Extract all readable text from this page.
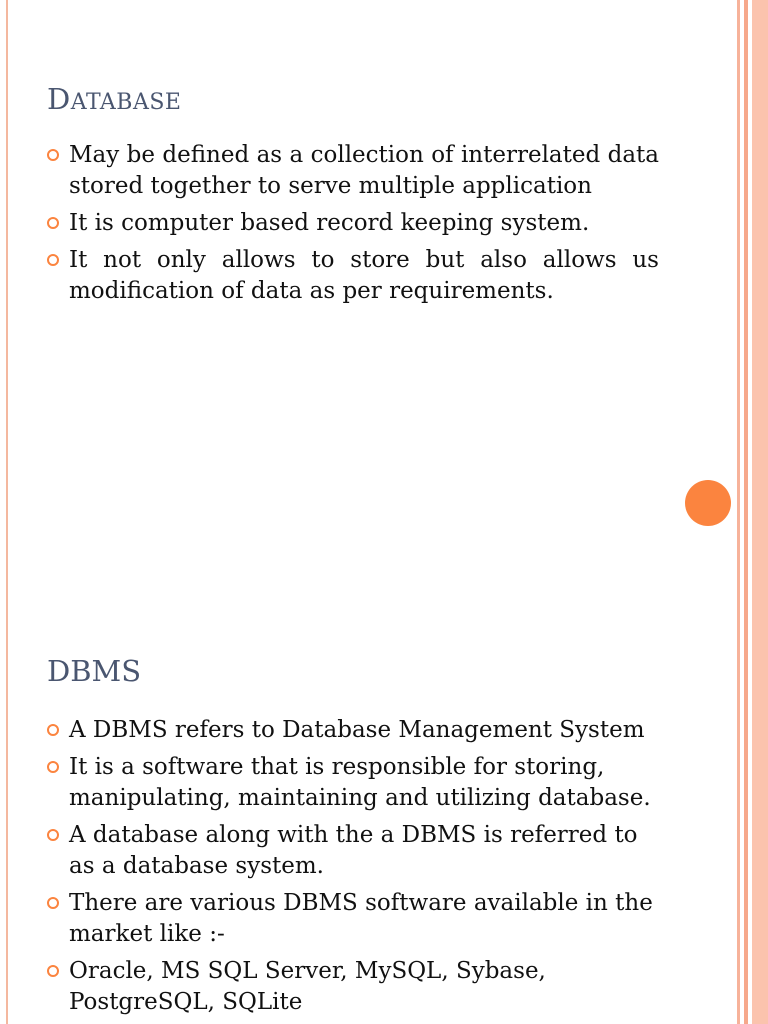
DATABASE
May be defined as a collection of interrelated data stored together to serve multiple application
It is computer based record keeping system.
It not only allows to store but also allows us modification of data as per requirements.
DBMS
A DBMS refers to Database Management System
It is a software that is responsible for storing, manipulating, maintaining and utilizing database.
A database along with the a DBMS is referred to as a database system.
There are various DBMS software available in the market like :-
Oracle, MS SQL Server, MySQL, Sybase, PostgreSQL, SQLite
